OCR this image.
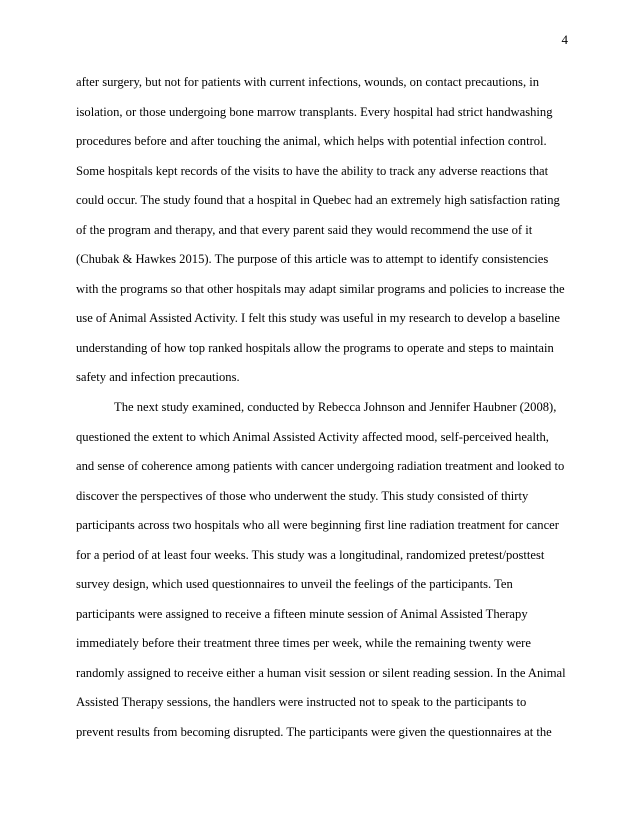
4
after surgery, but not for patients with current infections, wounds, on contact precautions, in
isolation, or those undergoing bone marrow transplants. Every hospital had strict handwashing
procedures before and after touching the animal, which helps with potential infection control.
Some hospitals kept records of the visits to have the ability to track any adverse reactions that
could occur. The study found that a hospital in Quebec had an extremely high satisfaction rating
of the program and therapy, and that every parent said they would recommend the use of it
(Chubak & Hawkes 2015). The purpose of this article was to attempt to identify consistencies
with the programs so that other hospitals may adapt similar programs and policies to increase the
use of Animal Assisted Activity. I felt this study was useful in my research to develop a baseline
understanding of how top ranked hospitals allow the programs to operate and steps to maintain
safety and infection precautions.
The next study examined, conducted by Rebecca Johnson and Jennifer Haubner (2008),
questioned the extent to which Animal Assisted Activity affected mood, self-perceived health,
and sense of coherence among patients with cancer undergoing radiation treatment and looked to
discover the perspectives of those who underwent the study. This study consisted of thirty
participants across two hospitals who all were beginning first line radiation treatment for cancer
for a period of at least four weeks. This study was a longitudinal, randomized pretest/posttest
survey design, which used questionnaires to unveil the feelings of the participants. Ten
participants were assigned to receive a fifteen minute session of Animal Assisted Therapy
immediately before their treatment three times per week, while the remaining twenty were
randomly assigned to receive either a human visit session or silent reading session. In the Animal
Assisted Therapy sessions, the handlers were instructed not to speak to the participants to
prevent results from becoming disrupted. The participants were given the questionnaires at the
